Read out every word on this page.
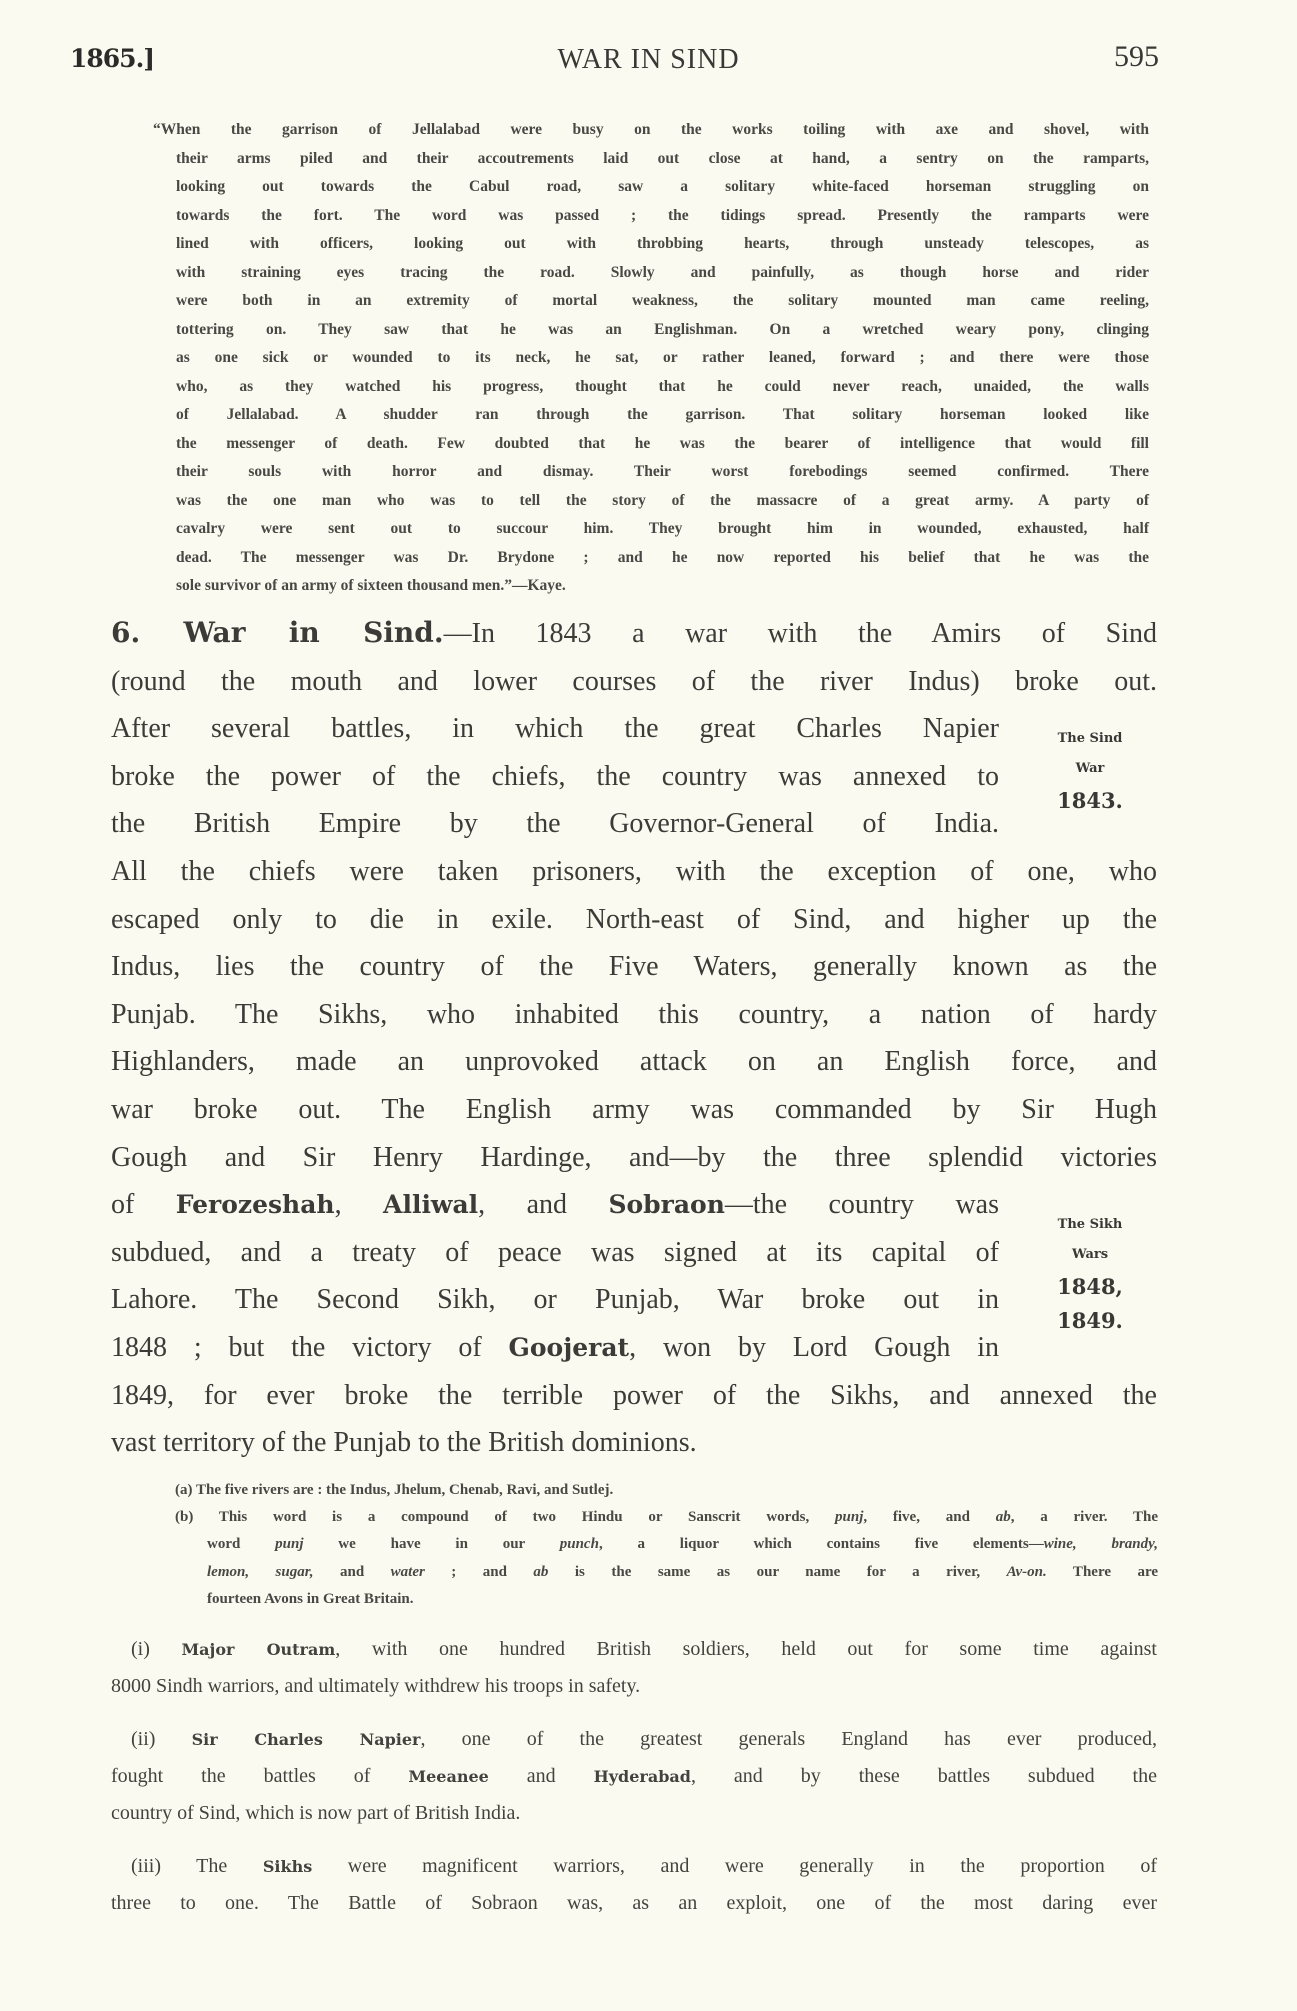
1865.]	WAR IN SIND	595
“When the garrison of Jellalabad were busy on the works toiling with axe and shovel, with
their arms piled and their accoutrements laid out close at hand, a sentry on the ramparts,
looking out towards the Cabul road, saw a solitary white-faced horseman struggling on
towards the fort. The word was passed ; the tidings spread. Presently the ramparts were
lined with officers, looking out with throbbing hearts, through unsteady telescopes, as
with straining eyes tracing the road. Slowly and painfully, as though horse and rider
were both in an extremity of mortal weakness, the solitary mounted man came reeling,
tottering on. They saw that he was an Englishman. On a wretched weary pony, clinging
as one sick or wounded to its neck, he sat, or rather leaned, forward ; and there were those
who, as they watched his progress, thought that he could never reach, unaided, the walls
of Jellalabad. A shudder ran through the garrison. That solitary horseman looked like
the messenger of death. Few doubted that he was the bearer of intelligence that would fill
their souls with horror and dismay. Their worst forebodings seemed confirmed. There
was the one man who was to tell the story of the massacre of a great army. A party of
cavalry were sent out to succour him. They brought him in wounded, exhausted, half
dead. The messenger was Dr. Brydone ; and he now reported his belief that he was the
sole survivor of an army of sixteen thousand men.”—Kaye.
6. War in Sind.—In 1843 a war with the Amirs of Sind
(round the mouth and lower courses of the river Indus) broke out.
After several battles, in which the great Charles Napier
broke the power of the chiefs, the country was annexed to
the British Empire by the Governor-General of India.
All the chiefs were taken prisoners, with the exception of one, who
escaped only to die in exile. North-east of Sind, and higher up the
Indus, lies the country of the Five Waters, generally known as the
Punjab. The Sikhs, who inhabited this country, a nation of hardy
Highlanders, made an unprovoked attack on an English force, and
war broke out. The English army was commanded by Sir Hugh
Gough and Sir Henry Hardinge, and—by the three splendid victories
of Ferozeshah, Alliwal, and Sobraon—the country was
subdued, and a treaty of peace was signed at its capital of
Lahore. The Second Sikh, or Punjab, War broke out in
1848 ; but the victory of Goojerat, won by Lord Gough in
1849, for ever broke the terrible power of the Sikhs, and annexed the
vast territory of the Punjab to the British dominions.
The Sind
War
1843.
The Sikh
Wars
1848,
1849.
(a) The five rivers are : the Indus, Jhelum, Chenab, Ravi, and Sutlej.
(b) This word is a compound of two Hindu or Sanscrit words, punj, five, and ab, a river. The
word punj we have in our punch, a liquor which contains five elements—wine, brandy,
lemon, sugar, and water ; and ab is the same as our name for a river, Av-on. There are
fourteen Avons in Great Britain.
(i) Major Outram, with one hundred British soldiers, held out for some time against
8000 Sindh warriors, and ultimately withdrew his troops in safety.
(ii) Sir Charles Napier, one of the greatest generals England has ever produced,
fought the battles of Meeanee and Hyderabad, and by these battles subdued the
country of Sind, which is now part of British India.
(iii) The Sikhs were magnificent warriors, and were generally in the proportion of
three to one. The Battle of Sobraon was, as an exploit, one of the most daring ever
